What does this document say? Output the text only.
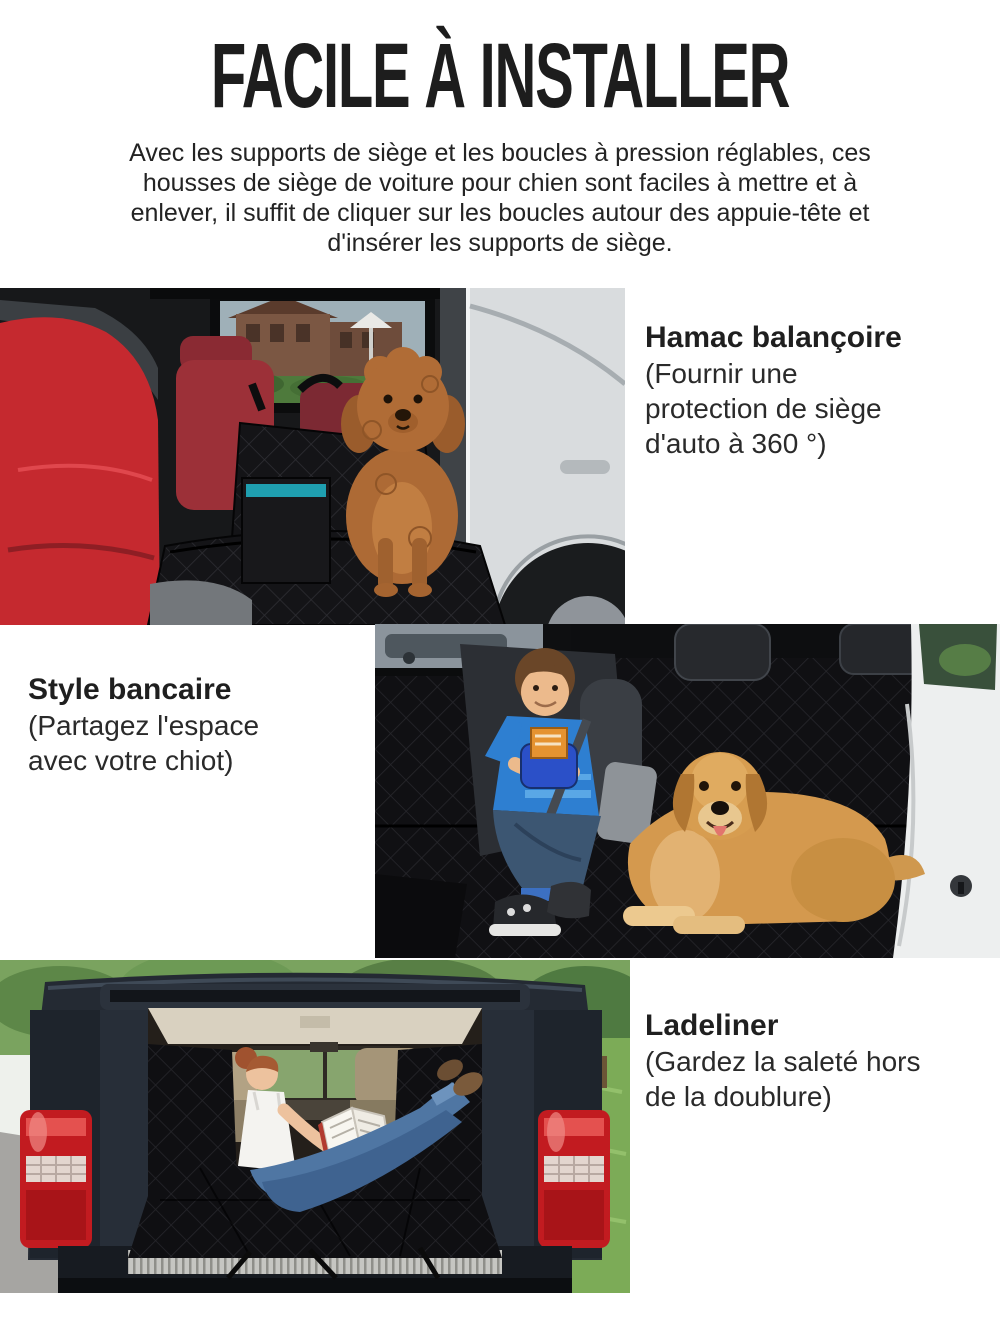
FACILE À INSTALLER
Avec les supports de siège et les boucles à pression réglables, ces
housses de siège de voiture pour chien sont faciles à mettre et à
enlever, il suffit de cliquer sur les boucles autour des appuie-tête et
d'insérer les supports de siège.
Hamac balançoire
(Fournir une
protection de siège
d'auto à 360 °)
Style bancaire
(Partagez l'espace
avec votre chiot)
Ladeliner
(Gardez la saleté hors
de la doublure)
